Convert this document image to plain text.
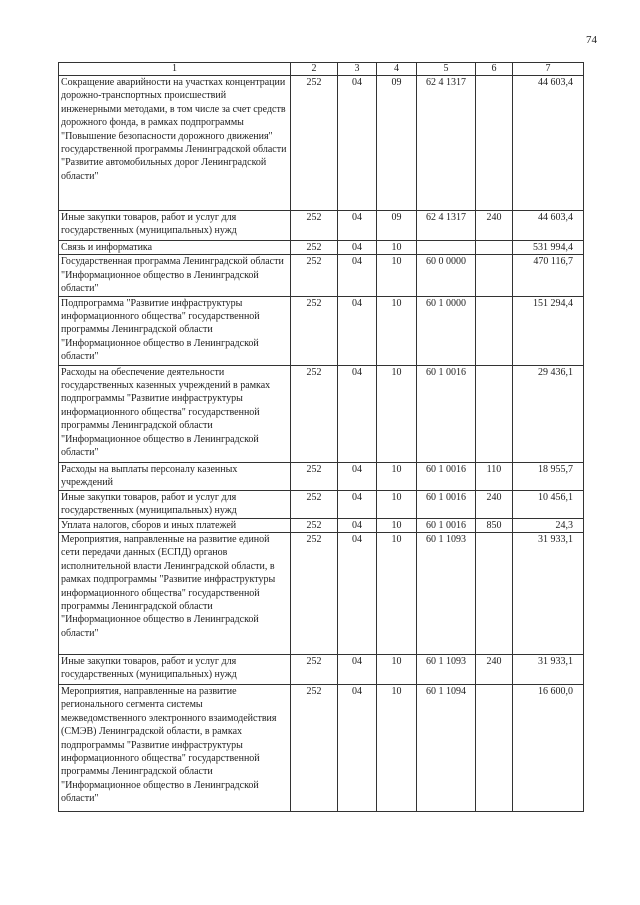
74
1	2	3	4	5	6	7
Сокращение аварийности на участках концентрации дорожно-транспортных происшествий инженерными методами, в том числе за счет средств дорожного фонда, в рамках подпрограммы "Повышение безопасности дорожного движения" государственной программы Ленинградской области "Развитие автомобильных дорог Ленинградской области"	252	04	09	62 4 1317		44 603,4
Иные закупки товаров, работ и услуг для государственных (муниципальных) нужд	252	04	09	62 4 1317	240	44 603,4
Связь и информатика	252	04	10			531 994,4
Государственная программа Ленинградской области "Информационное общество в Ленинградской области"	252	04	10	60 0 0000		470 116,7
Подпрограмма "Развитие инфраструктуры информационного общества" государственной программы Ленинградской области "Информационное общество в Ленинградской области"	252	04	10	60 1 0000		151 294,4
Расходы на обеспечение деятельности государственных казенных учреждений в рамках подпрограммы "Развитие инфраструктуры информационного общества" государственной программы Ленинградской области "Информационное общество в Ленинградской области"	252	04	10	60 1 0016		29 436,1
Расходы на выплаты персоналу казенных учреждений	252	04	10	60 1 0016	110	18 955,7
Иные закупки товаров, работ и услуг для государственных (муниципальных) нужд	252	04	10	60 1 0016	240	10 456,1
Уплата налогов, сборов и иных платежей	252	04	10	60 1 0016	850	24,3
Мероприятия, направленные на развитие единой сети передачи данных (ЕСПД) органов исполнительной власти Ленинградской области, в рамках подпрограммы "Развитие инфраструктуры информационного общества" государственной программы Ленинградской области "Информационное общество в Ленинградской области"	252	04	10	60 1 1093		31 933,1
Иные закупки товаров, работ и услуг для государственных (муниципальных) нужд	252	04	10	60 1 1093	240	31 933,1
Мероприятия, направленные на развитие регионального сегмента системы межведомственного электронного взаимодействия (СМЭВ) Ленинградской области, в рамках подпрограммы "Развитие инфраструктуры информационного общества" государственной программы Ленинградской области "Информационное общество в Ленинградской области"	252	04	10	60 1 1094		16 600,0
